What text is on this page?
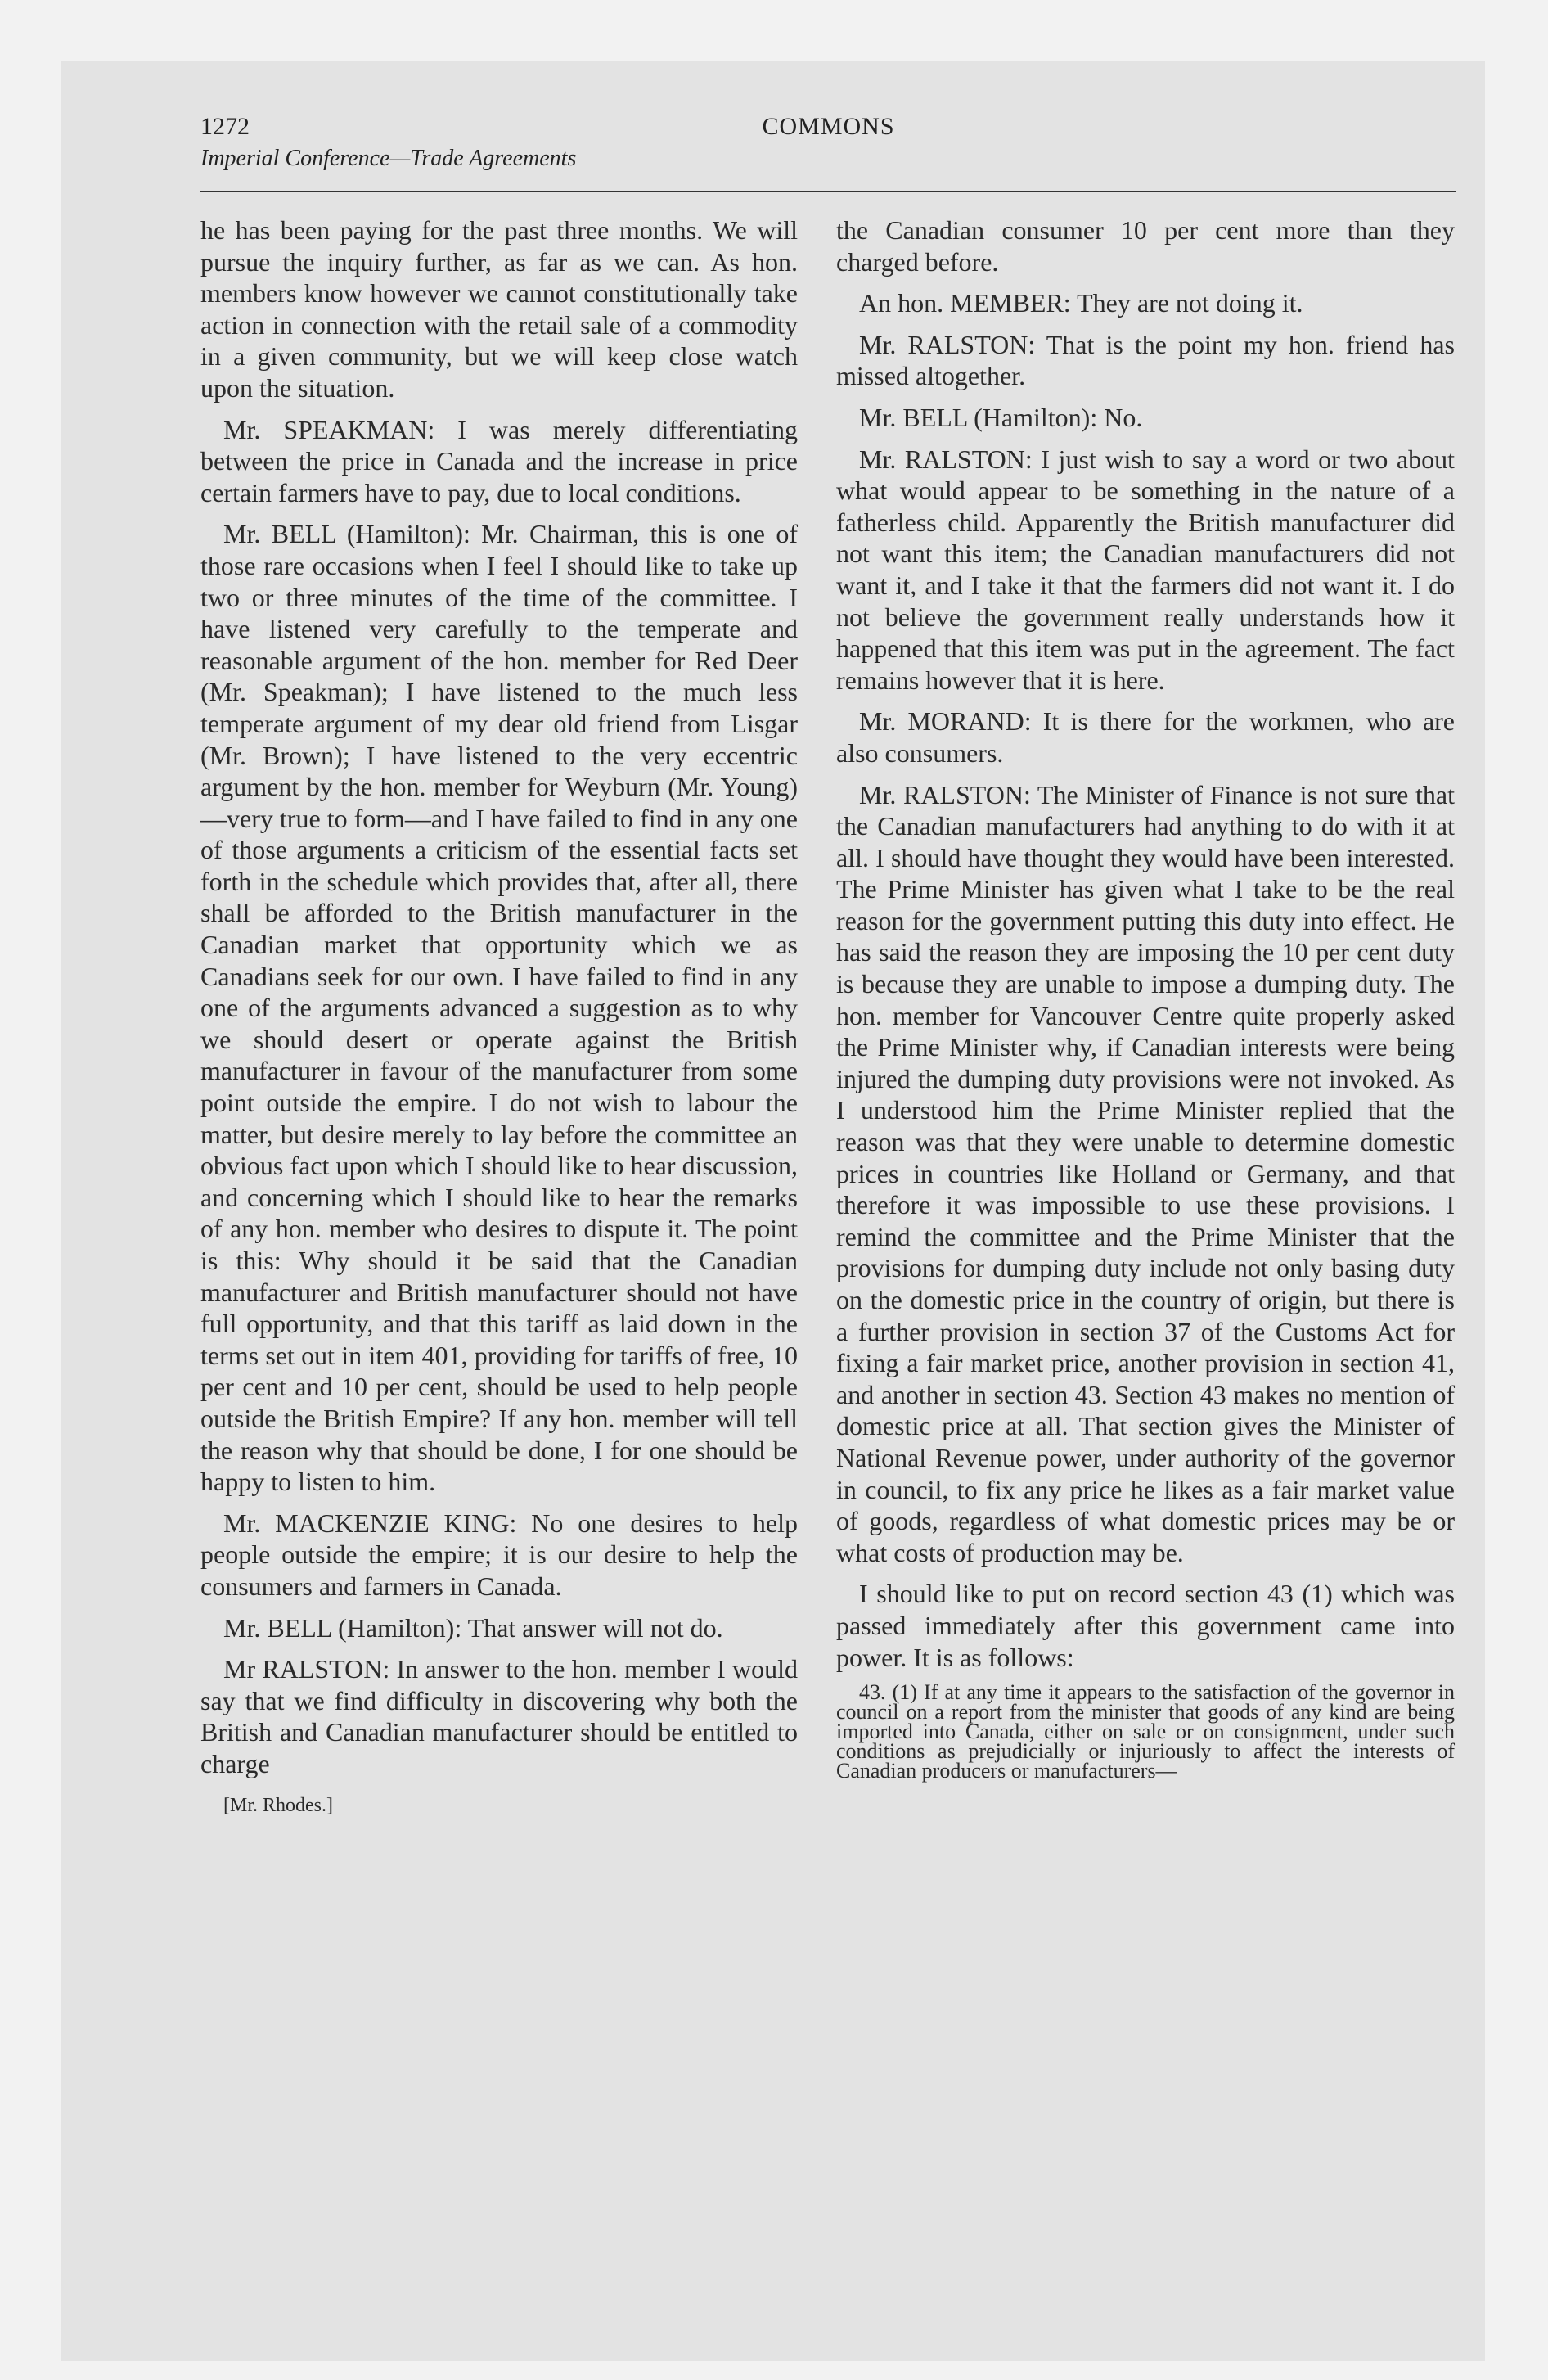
1272	COMMONS
Imperial Conference—Trade Agreements

he has been paying for the past three months. We will pursue the inquiry further, as far as we can. As hon. members know however we cannot constitutionally take action in connection with the retail sale of a commodity in a given community, but we will keep close watch upon the situation.

Mr. SPEAKMAN: I was merely differentiating between the price in Canada and the increase in price certain farmers have to pay, due to local conditions.

Mr. BELL (Hamilton): Mr. Chairman, this is one of those rare occasions when I feel I should like to take up two or three minutes of the time of the committee. I have listened very carefully to the temperate and reasonable argument of the hon. member for Red Deer (Mr. Speakman); I have listened to the much less temperate argument of my dear old friend from Lisgar (Mr. Brown); I have listened to the very eccentric argument by the hon. member for Weyburn (Mr. Young)—very true to form—and I have failed to find in any one of those arguments a criticism of the essential facts set forth in the schedule which provides that, after all, there shall be afforded to the British manufacturer in the Canadian market that opportunity which we as Canadians seek for our own. I have failed to find in any one of the arguments advanced a suggestion as to why we should desert or operate against the British manufacturer in favour of the manufacturer from some point outside the empire. I do not wish to labour the matter, but desire merely to lay before the committee an obvious fact upon which I should like to hear discussion, and concerning which I should like to hear the remarks of any hon. member who desires to dispute it. The point is this: Why should it be said that the Canadian manufacturer and British manufacturer should not have full opportunity, and that this tariff as laid down in the terms set out in item 401, providing for tariffs of free, 10 per cent and 10 per cent, should be used to help people outside the British Empire? If any hon. member will tell the reason why that should be done, I for one should be happy to listen to him.

Mr. MACKENZIE KING: No one desires to help people outside the empire; it is our desire to help the consumers and farmers in Canada.

Mr. BELL (Hamilton): That answer will not do.

Mr RALSTON: In answer to the hon. member I would say that we find difficulty in discovering why both the British and Canadian manufacturer should be entitled to charge

[Mr. Rhodes.]

the Canadian consumer 10 per cent more than they charged before.

An hon. MEMBER: They are not doing it.

Mr. RALSTON: That is the point my hon. friend has missed altogether.

Mr. BELL (Hamilton): No.

Mr. RALSTON: I just wish to say a word or two about what would appear to be something in the nature of a fatherless child. Apparently the British manufacturer did not want this item; the Canadian manufacturers did not want it, and I take it that the farmers did not want it. I do not believe the government really understands how it happened that this item was put in the agreement. The fact remains however that it is here.

Mr. MORAND: It is there for the workmen, who are also consumers.

Mr. RALSTON: The Minister of Finance is not sure that the Canadian manufacturers had anything to do with it at all. I should have thought they would have been interested. The Prime Minister has given what I take to be the real reason for the government putting this duty into effect. He has said the reason they are imposing the 10 per cent duty is because they are unable to impose a dumping duty. The hon. member for Vancouver Centre quite properly asked the Prime Minister why, if Canadian interests were being injured the dumping duty provisions were not invoked. As I understood him the Prime Minister replied that the reason was that they were unable to determine domestic prices in countries like Holland or Germany, and that therefore it was impossible to use these provisions. I remind the committee and the Prime Minister that the provisions for dumping duty include not only basing duty on the domestic price in the country of origin, but there is a further provision in section 37 of the Customs Act for fixing a fair market price, another provision in section 41, and another in section 43. Section 43 makes no mention of domestic price at all. That section gives the Minister of National Revenue power, under authority of the governor in council, to fix any price he likes as a fair market value of goods, regardless of what domestic prices may be or what costs of production may be.

I should like to put on record section 43 (1) which was passed immediately after this government came into power. It is as follows:

43. (1) If at any time it appears to the satisfaction of the governor in council on a report from the minister that goods of any kind are being imported into Canada, either on sale or on consignment, under such conditions as prejudicially or injuriously to affect the interests of Canadian producers or manufacturers—
